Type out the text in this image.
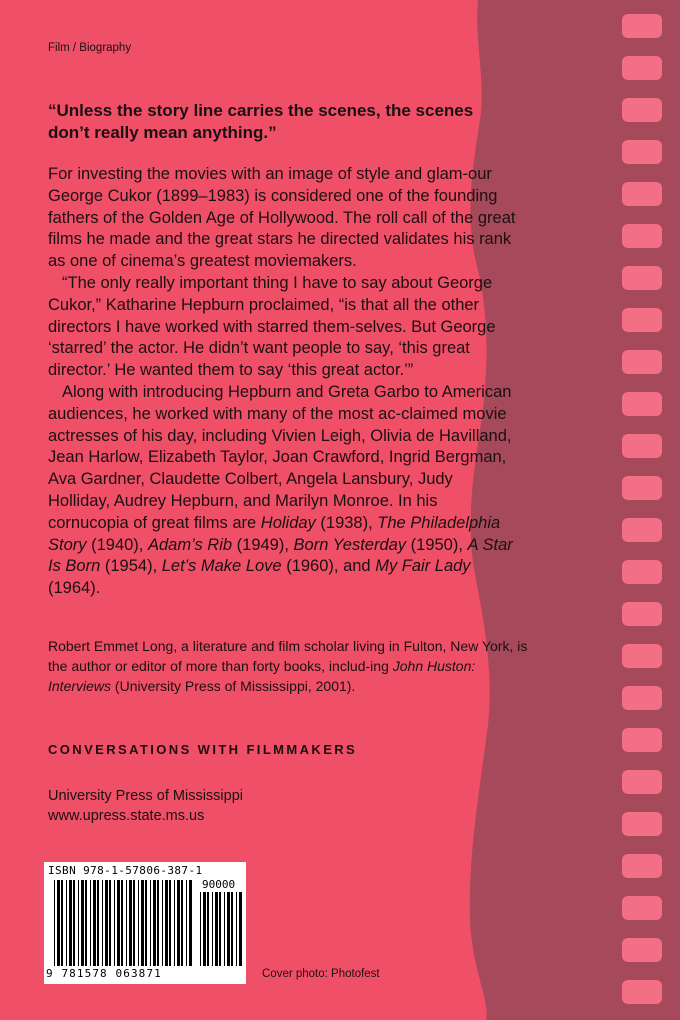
Film / Biography
“Unless the story line carries the scenes, the scenes don’t really mean anything.”

For investing the movies with an image of style and glam-our George Cukor (1899–1983) is considered one of the founding fathers of the Golden Age of Hollywood. The roll call of the great films he made and the great stars he directed validates his rank as one of cinema’s greatest moviemakers.

“The only really important thing I have to say about George Cukor,” Katharine Hepburn proclaimed, “is that all the other directors I have worked with starred them-selves. But George ‘starred’ the actor. He didn’t want people to say, ‘this great director.’ He wanted them to say ‘this great actor.’”

Along with introducing Hepburn and Greta Garbo to American audiences, he worked with many of the most ac-claimed movie actresses of his day, including Vivien Leigh, Olivia de Havilland, Jean Harlow, Elizabeth Taylor, Joan Crawford, Ingrid Bergman, Ava Gardner, Claudette Colbert, Angela Lansbury, Judy Holliday, Audrey Hepburn, and Marilyn Monroe. In his cornucopia of great films are Holiday (1938), The Philadelphia Story (1940), Adam’s Rib (1949), Born Yesterday (1950), A Star Is Born (1954), Let’s Make Love (1960), and My Fair Lady (1964).

Robert Emmet Long, a literature and film scholar living in Fulton, New York, is the author or editor of more than forty books, includ-ing John Huston: Interviews (University Press of Mississippi, 2001).
CONVERSATIONS WITH FILMMAKERS
University Press of Mississippi
www.upress.state.ms.us
ISBN 978-1-57806-387-1
90000
9 781578 063871	Cover photo: Photofest
